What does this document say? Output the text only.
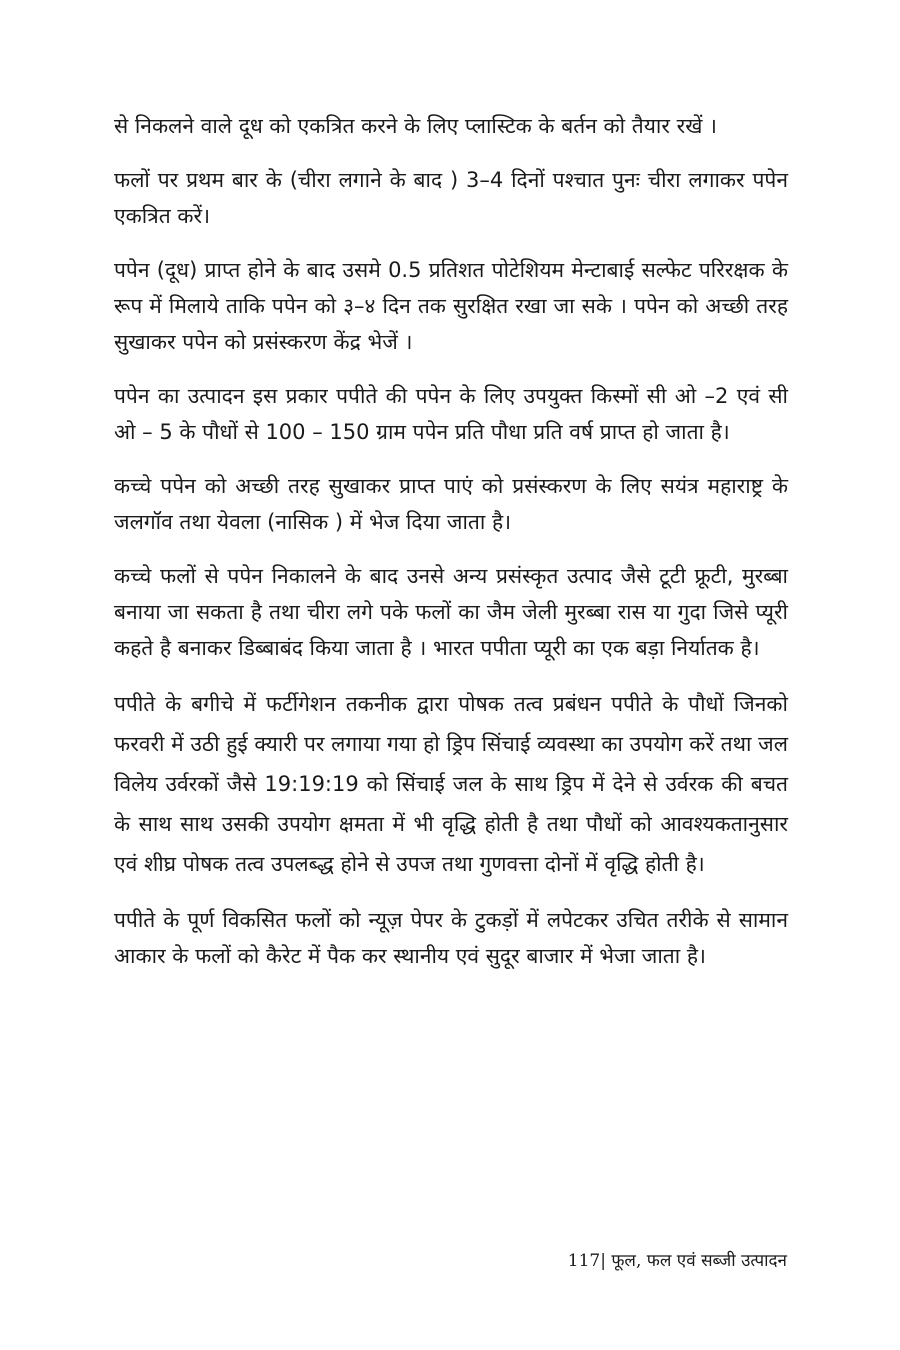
से निकलने वाले दूध को एकत्रित करने के लिए प्लास्टिक के बर्तन को तैयार रखें ।

फलों पर प्रथम बार के (चीरा लगाने के बाद ) 3–4 दिनों पश्चात पुनः चीरा लगाकर पपेन एकत्रित करें।

पपेन (दूध) प्राप्त होने के बाद उसमे 0.5 प्रतिशत पोटेशियम मेन्टाबाई सल्फेट परिरक्षक के रूप में मिलाये ताकि पपेन को ३–४ दिन तक सुरक्षित रखा जा सके । पपेन को अच्छी तरह सुखाकर पपेन को प्रसंस्करण केंद्र भेजें ।

पपेन का उत्पादन इस प्रकार पपीते की पपेन के लिए उपयुक्त किस्मों सी ओ –2 एवं सी ओ – 5 के पौधों से 100 – 150 ग्राम पपेन प्रति पौधा प्रति वर्ष प्राप्त हो जाता है।

कच्चे पपेन को अच्छी तरह सुखाकर प्राप्त पाएं को प्रसंस्करण के लिए सयंत्र महाराष्ट्र के जलगॉव तथा येवला (नासिक ) में भेज दिया जाता है।

कच्चे फलों से पपेन निकालने के बाद उनसे अन्य प्रसंस्कृत उत्पाद जैसे टूटी फ्रूटी, मुरब्बा बनाया जा सकता है तथा चीरा लगे पके फलों का जैम जेली मुरब्बा रास या गुदा जिसे प्यूरी कहते है बनाकर डिब्बाबंद किया जाता है । भारत पपीता प्यूरी का एक बड़ा निर्यातक है।

पपीते के बगीचे में फर्टीगेशन तकनीक द्वारा पोषक तत्व प्रबंधन पपीते के पौधों जिनको फरवरी में उठी हुई क्यारी पर लगाया गया हो ड्रिप सिंचाई व्यवस्था का उपयोग करें तथा जल विलेय उर्वरकों जैसे 19:19:19 को सिंचाई जल के साथ ड्रिप में देने से उर्वरक की बचत के साथ साथ उसकी उपयोग क्षमता में भी वृद्धि होती है तथा पौधों को आवश्यकतानुसार एवं शीघ्र पोषक तत्व उपलब्द्ध होने से उपज तथा गुणवत्ता दोनों में वृद्धि होती है।

पपीते के पूर्ण विकसित फलों को न्यूज़ पेपर के टुकड़ों में लपेटकर उचित तरीके से सामान आकार के फलों को कैरेट में पैक कर स्थानीय एवं सुदूर बाजार में भेजा जाता है।

117| फूल, फल एवं सब्जी उत्पादन
